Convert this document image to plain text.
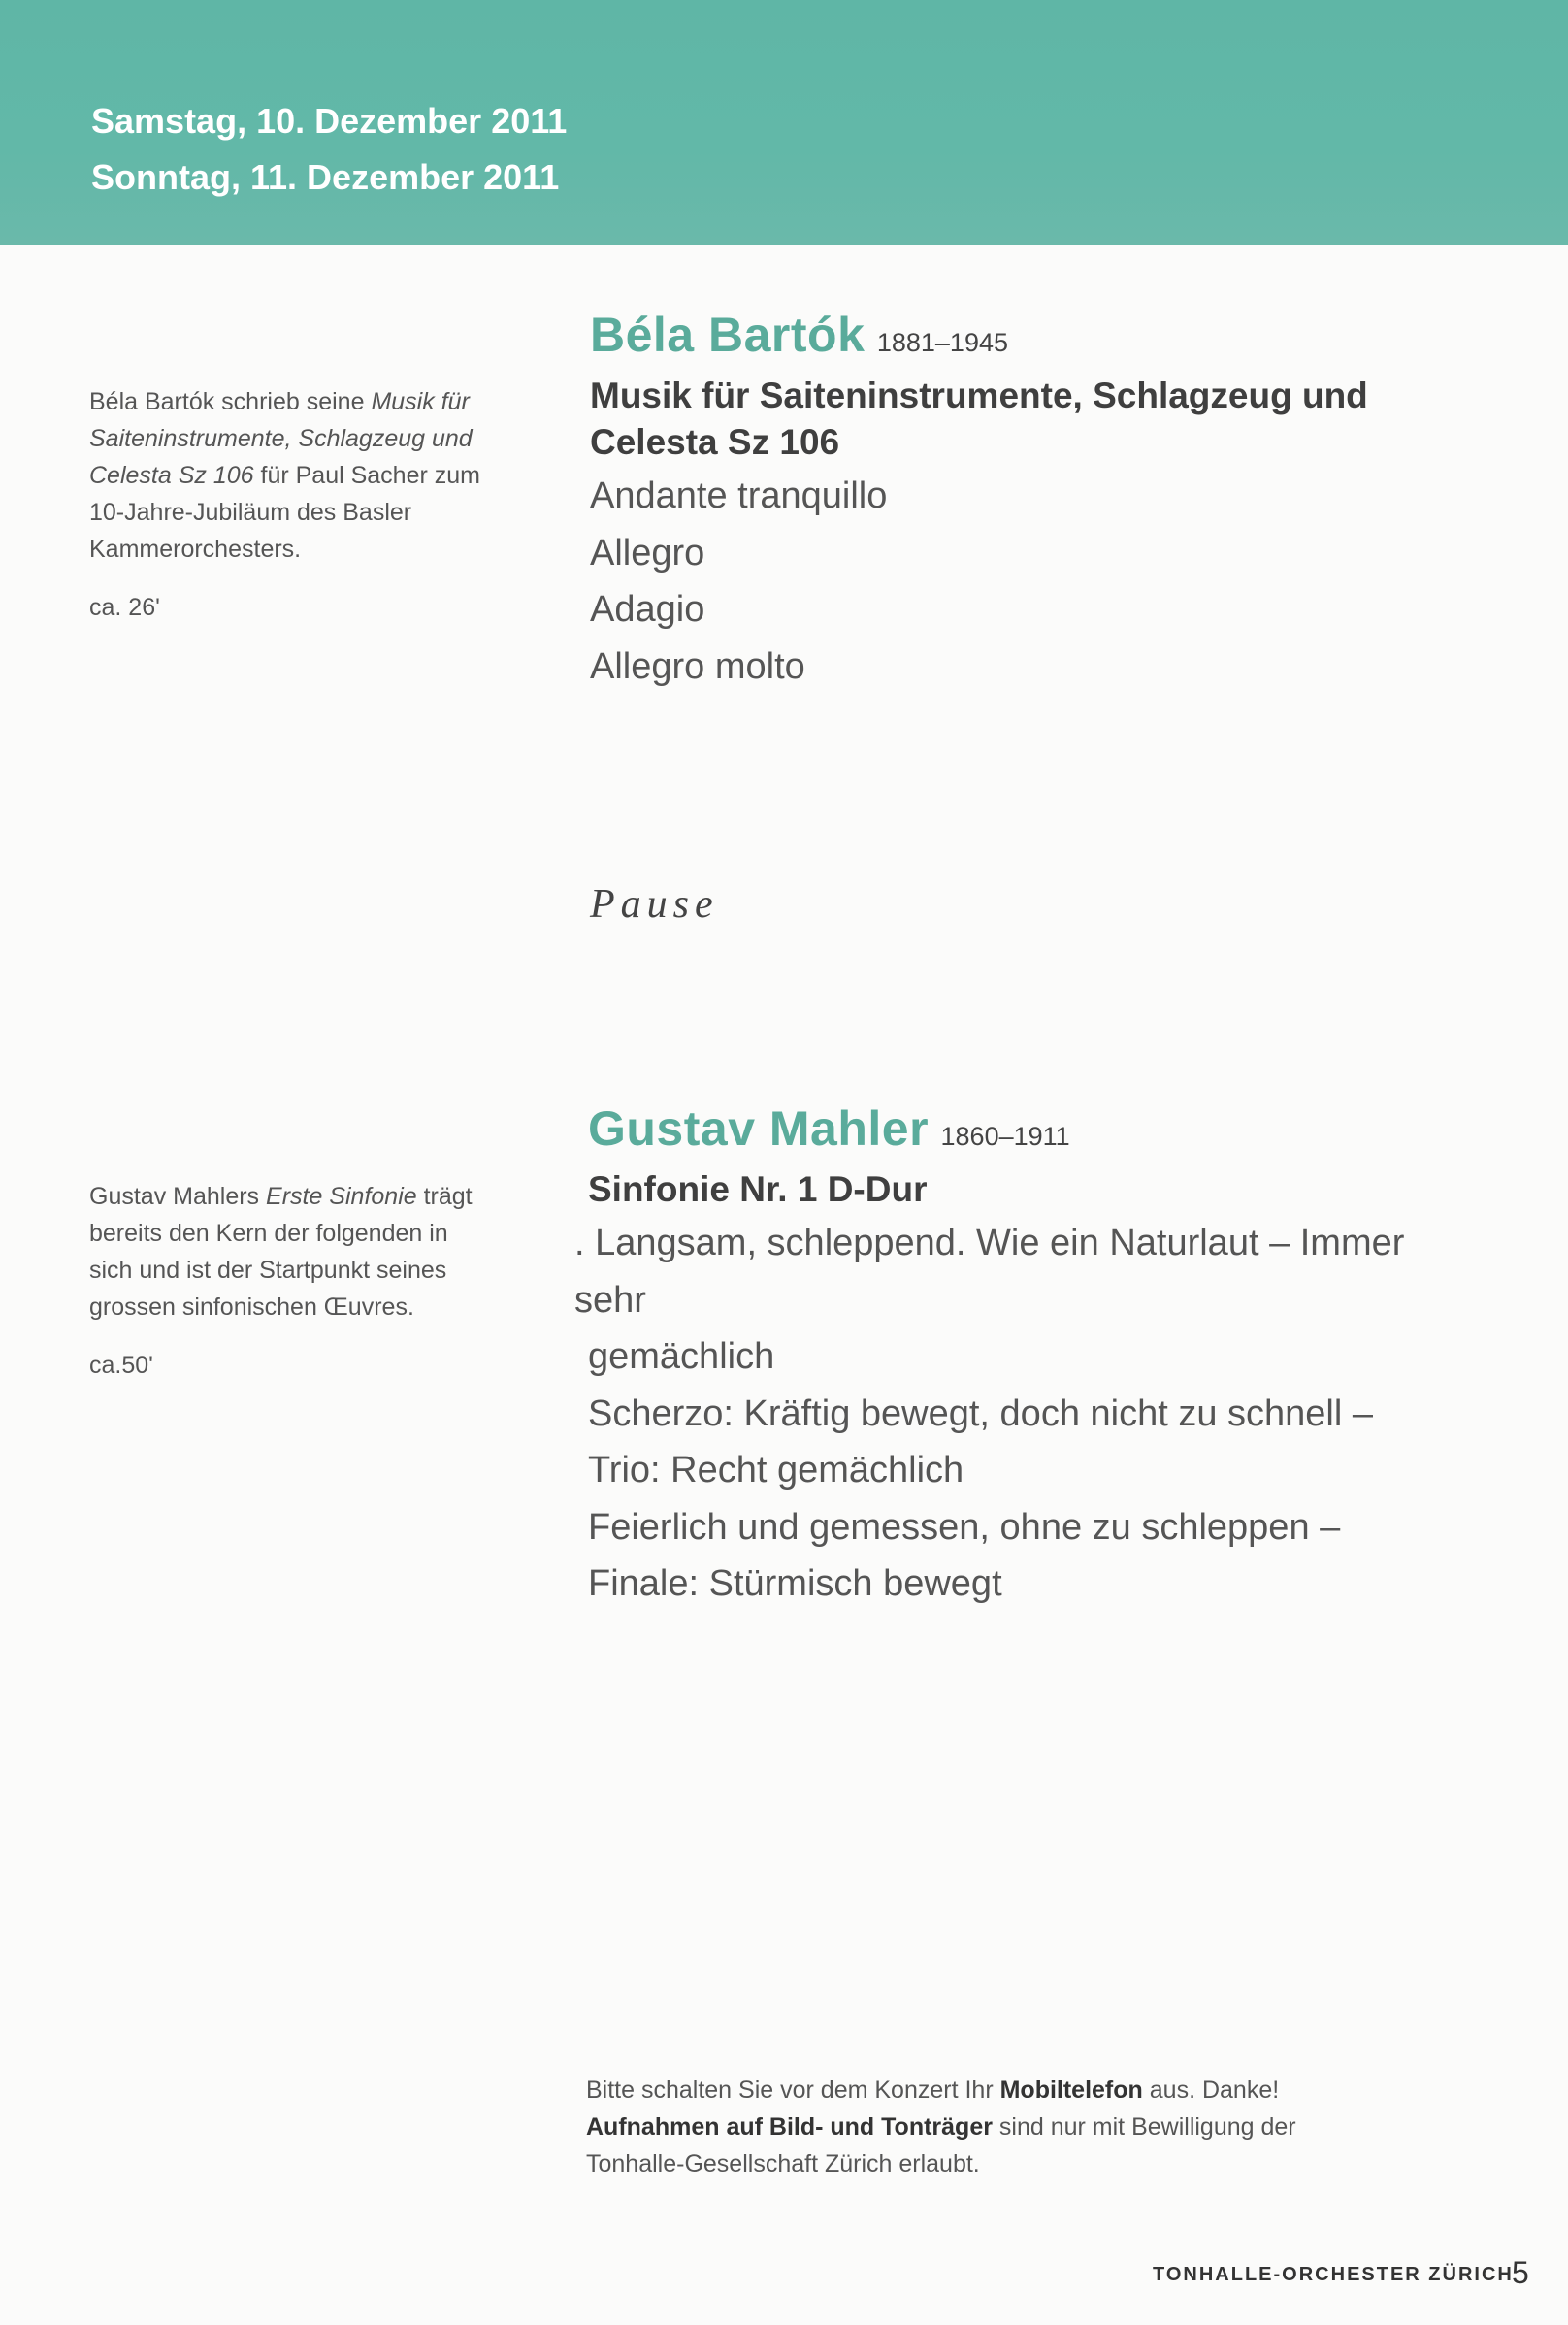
Samstag, 10. Dezember 2011
Sonntag, 11. Dezember 2011
Béla Bartók schrieb seine Musik für Saiteninstrumente, Schlagzeug und Celesta Sz 106 für Paul Sacher zum 10-Jahre-Jubiläum des Basler Kammerorchesters.
ca. 26'
Béla Bartók 1881–1945
Musik für Saiteninstrumente, Schlagzeug und
Celesta Sz 106
Andante tranquillo
Allegro
Adagio
Allegro molto
Pause
Gustav Mahlers Erste Sinfonie trägt bereits den Kern der folgenden in sich und ist der Startpunkt seines grossen sinfonischen Œuvres.
ca.50'
Gustav Mahler 1860–1911
Sinfonie Nr. 1 D-Dur
. Langsam, schleppend. Wie ein Naturlaut – Immer sehr
gemächlich
Scherzo: Kräftig bewegt, doch nicht zu schnell –
Trio: Recht gemächlich
Feierlich und gemessen, ohne zu schleppen –
Finale: Stürmisch bewegt
Bitte schalten Sie vor dem Konzert Ihr Mobiltelefon aus. Danke!
Aufnahmen auf Bild- und Tonträger sind nur mit Bewilligung der Tonhalle-Gesellschaft Zürich erlaubt.
TONHALLE-ORCHESTER ZÜRICH
5
